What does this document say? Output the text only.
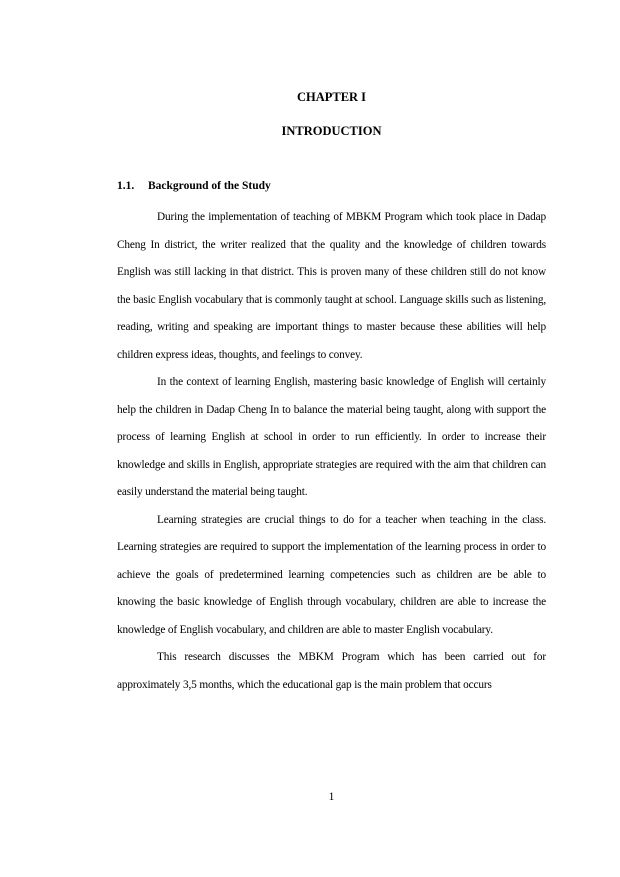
CHAPTER I
INTRODUCTION
1.1. Background of the Study

During the implementation of teaching of MBKM Program which took place in Dadap Cheng In district, the writer realized that the quality and the knowledge of children towards English was still lacking in that district. This is proven many of these children still do not know the basic English vocabulary that is commonly taught at school. Language skills such as listening, reading, writing and speaking are important things to master because these abilities will help children express ideas, thoughts, and feelings to convey.

In the context of learning English, mastering basic knowledge of English will certainly help the children in Dadap Cheng In to balance the material being taught, along with support the process of learning English at school in order to run efficiently. In order to increase their knowledge and skills in English, appropriate strategies are required with the aim that children can easily understand the material being taught.

Learning strategies are crucial things to do for a teacher when teaching in the class. Learning strategies are required to support the implementation of the learning process in order to achieve the goals of predetermined learning competencies such as children are be able to knowing the basic knowledge of English through vocabulary, children are able to increase the knowledge of English vocabulary, and children are able to master English vocabulary.

This research discusses the MBKM Program which has been carried out for approximately 3,5 months, which the educational gap is the main problem that occurs

1
